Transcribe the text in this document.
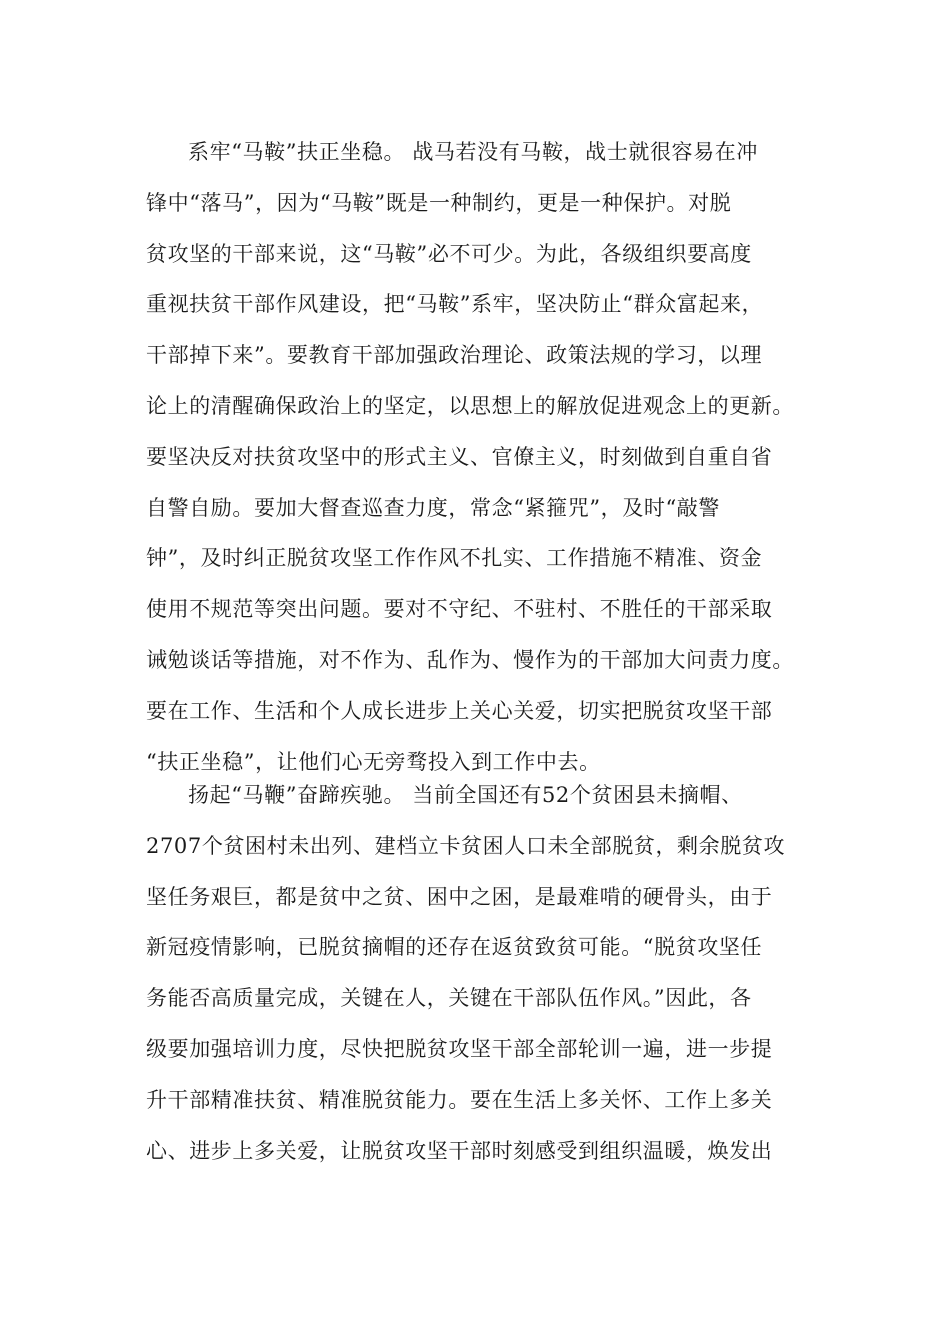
系牢“马鞍”扶正坐稳。 战马若没有马鞍，战士就很容易在冲
锋中“落马”，因为“马鞍”既是一种制约，更是一种保护。对脱
贫攻坚的干部来说，这“马鞍”必不可少。为此，各级组织要高度
重视扶贫干部作风建设，把“马鞍”系牢，坚决防止“群众富起来，
干部掉下来”。要教育干部加强政治理论、政策法规的学习，以理
论上的清醒确保政治上的坚定，以思想上的解放促进观念上的更新。
要坚决反对扶贫攻坚中的形式主义、官僚主义，时刻做到自重自省
自警自励。要加大督查巡查力度，常念“紧箍咒”，及时“敲警
钟”，及时纠正脱贫攻坚工作作风不扎实、工作措施不精准、资金
使用不规范等突出问题。要对不守纪、不驻村、不胜任的干部采取
诫勉谈话等措施，对不作为、乱作为、慢作为的干部加大问责力度。
要在工作、生活和个人成长进步上关心关爱，切实把脱贫攻坚干部
“扶正坐稳”，让他们心无旁骛投入到工作中去。
扬起“马鞭”奋蹄疾驰。 当前全国还有52个贫困县未摘帽、
2707个贫困村未出列、建档立卡贫困人口未全部脱贫，剩余脱贫攻
坚任务艰巨，都是贫中之贫、困中之困，是最难啃的硬骨头，由于
新冠疫情影响，已脱贫摘帽的还存在返贫致贫可能。“脱贫攻坚任
务能否高质量完成，关键在人，关键在干部队伍作风。”因此，各
级要加强培训力度，尽快把脱贫攻坚干部全部轮训一遍，进一步提
升干部精准扶贫、精准脱贫能力。要在生活上多关怀、工作上多关
心、进步上多关爱，让脱贫攻坚干部时刻感受到组织温暖，焕发出
